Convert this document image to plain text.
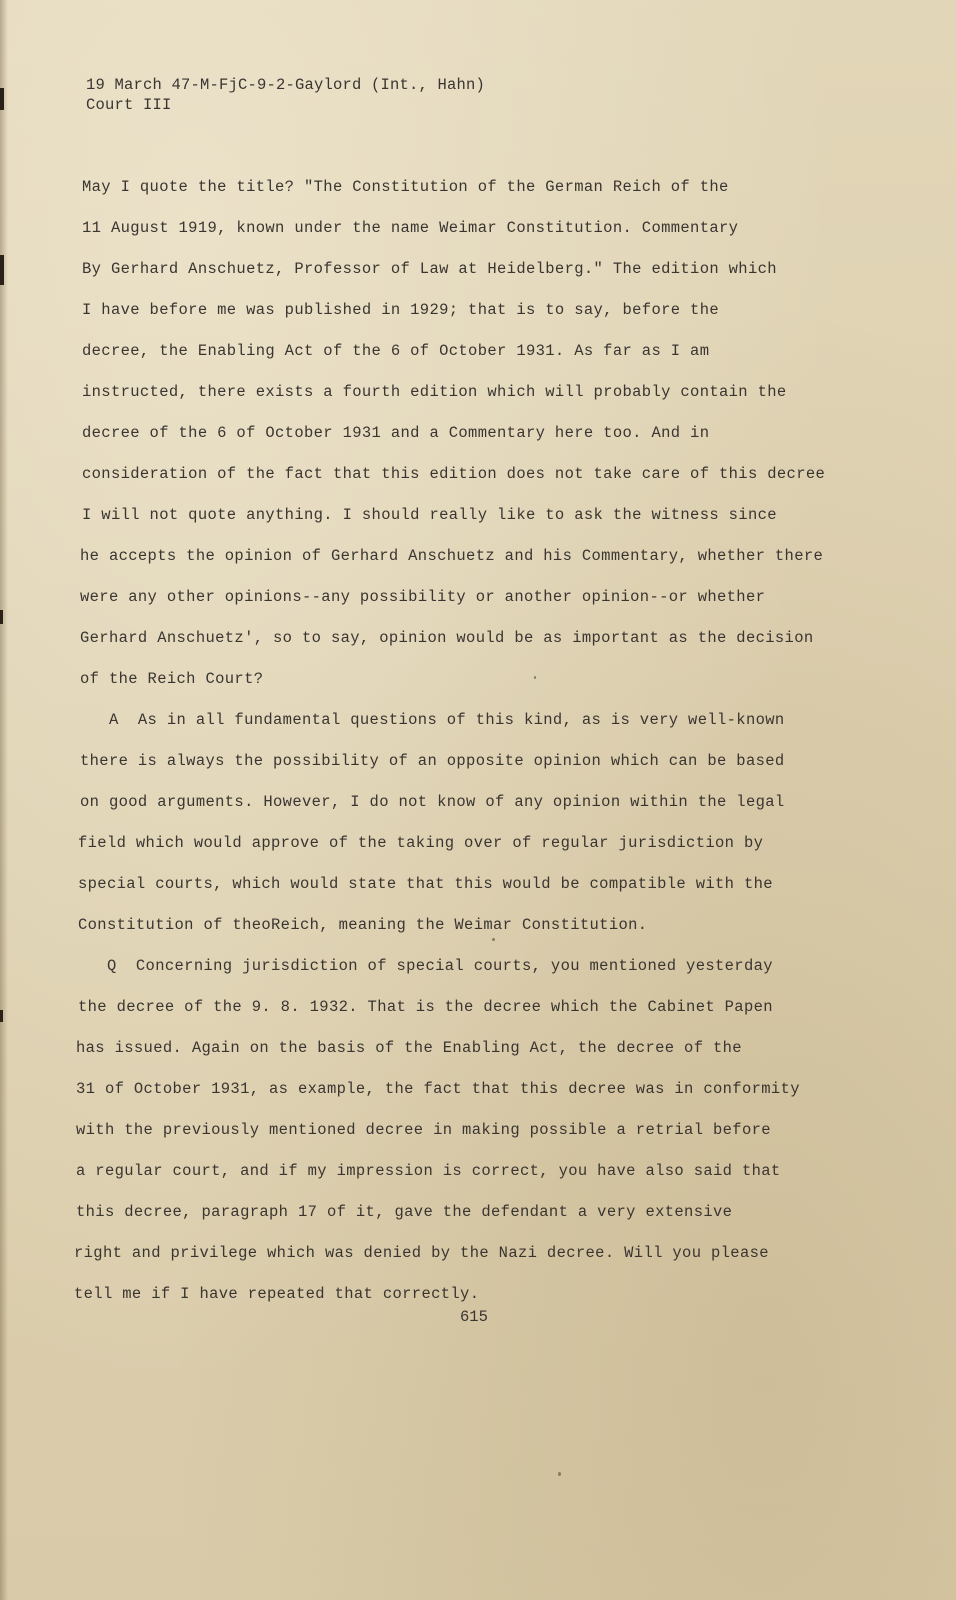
19 March 47-M-FjC-9-2-Gaylord (Int., Hahn)
Court III
May I quote the title? "The Constitution of the German Reich of the
11 August 1919, known under the name Weimar Constitution. Commentary
By Gerhard Anschuetz, Professor of Law at Heidelberg." The edition which
I have before me was published in 1929; that is to say, before the
decree, the Enabling Act of the 6 of October 1931. As far as I am
instructed, there exists a fourth edition which will probably contain the
decree of the 6 of October 1931 and a Commentary here too. And in
consideration of the fact that this edition does not take care of this decree
I will not quote anything. I should really like to ask the witness since
he accepts the opinion of Gerhard Anschuetz and his Commentary, whether there
were any other opinions--any possibility or another opinion--or whether
Gerhard Anschuetz', so to say, opinion would be as important as the decision
of the Reich Court?
A  As in all fundamental questions of this kind, as is very well-known
there is always the possibility of an opposite opinion which can be based
on good arguments. However, I do not know of any opinion within the legal
field which would approve of the taking over of regular jurisdiction by
special courts, which would state that this would be compatible with the
Constitution of theoReich, meaning the Weimar Constitution.
Q  Concerning jurisdiction of special courts, you mentioned yesterday
the decree of the 9. 8. 1932. That is the decree which the Cabinet Papen
has issued. Again on the basis of the Enabling Act, the decree of the
31 of October 1931, as example, the fact that this decree was in conformity
with the previously mentioned decree in making possible a retrial before
a regular court, and if my impression is correct, you have also said that
this decree, paragraph 17 of it, gave the defendant a very extensive
right and privilege which was denied by the Nazi decree. Will you please
tell me if I have repeated that correctly.
615
